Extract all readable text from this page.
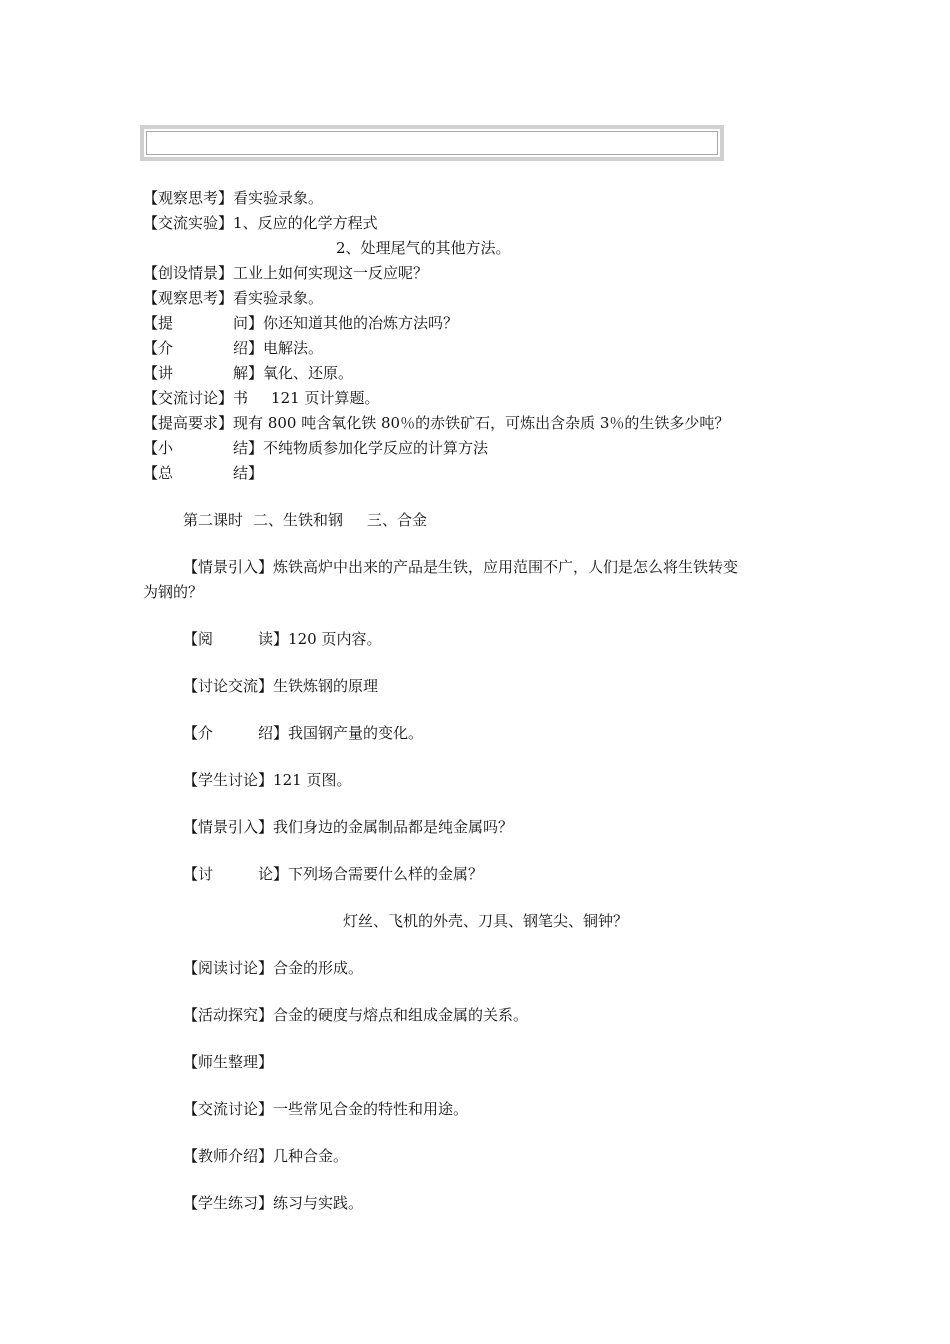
【观察思考】看实验录象。
【交流实验】1、反应的化学方程式
2、处理尾气的其他方法。
【创设情景】工业上如何实现这一反应呢？
【观察思考】看实验录象。
【提	问】你还知道其他的冶炼方法吗？
【介	绍】电解法。
【讲	解】氧化、还原。
【交流讨论】书 121 页计算题。
【提高要求】现有 800 吨含氧化铁 80％的赤铁矿石，可炼出含杂质 3％的生铁多少吨？
【小	结】不纯物质参加化学反应的计算方法
【总	结】
第二课时 二、生铁和钢 三、合金
【情景引入】炼铁高炉中出来的产品是生铁，应用范围不广，人们是怎么将生铁转变
为钢的？
【阅	读】120 页内容。
【讨论交流】生铁炼钢的原理
【介	绍】我国钢产量的变化。
【学生讨论】121 页图。
【情景引入】我们身边的金属制品都是纯金属吗？
【讨	论】下列场合需要什么样的金属？
灯丝、飞机的外壳、刀具、钢笔尖、铜钟？
【阅读讨论】合金的形成。
【活动探究】合金的硬度与熔点和组成金属的关系。
【师生整理】
【交流讨论】一些常见合金的特性和用途。
【教师介绍】几种合金。
【学生练习】练习与实践。
